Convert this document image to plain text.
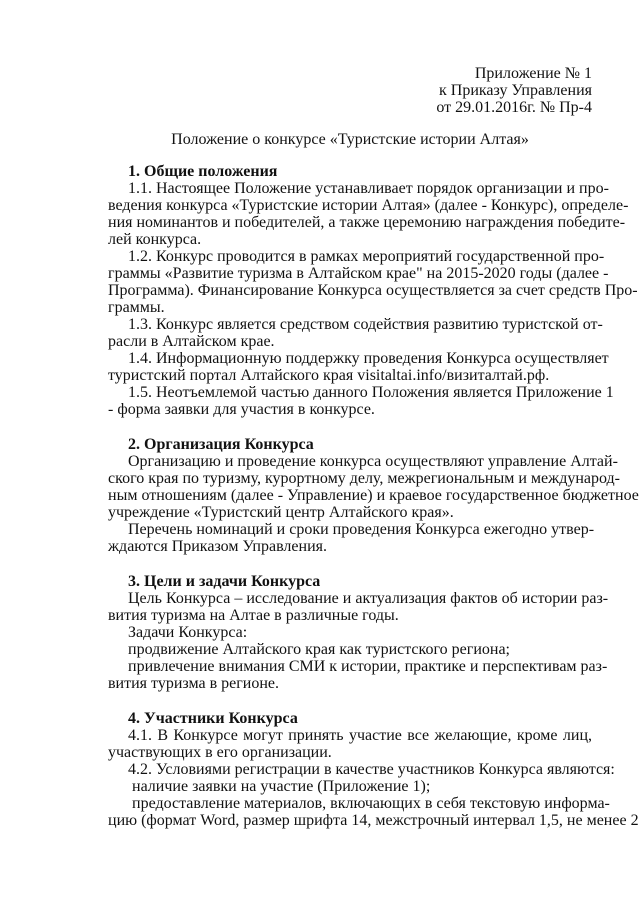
Приложение № 1
к Приказу Управления
от 29.01.2016г. № Пр-4
Положение о конкурсе «Туристские истории Алтая»
1. Общие положения
1.1. Настоящее Положение устанавливает порядок организации и про-
ведения конкурса «Туристские истории Алтая» (далее - Конкурс), определе-
ния номинантов и победителей, а также церемонию награждения победите-
лей конкурса.
1.2. Конкурс проводится в рамках мероприятий государственной про-
граммы «Развитие туризма в Алтайском крае" на 2015-2020 годы (далее -
Программа). Финансирование Конкурса осуществляется за счет средств Про-
граммы.
1.3. Конкурс является средством содействия развитию туристской от-
расли в Алтайском крае.
1.4. Информационную поддержку проведения Конкурса осуществляет
туристский портал Алтайского края visitaltai.info/визиталтай.рф.
1.5. Неотъемлемой частью данного Положения является Приложение 1
- форма заявки для участия в конкурсе.
2. Организация Конкурса
Организацию и проведение конкурса осуществляют управление Алтай-
ского края по туризму, курортному делу, межрегиональным и международ-
ным отношениям (далее - Управление) и краевое государственное бюджетное
учреждение «Туристский центр Алтайского края».
Перечень номинаций и сроки проведения Конкурса ежегодно утвер-
ждаются Приказом Управления.
3. Цели и задачи Конкурса
Цель Конкурса – исследование и актуализация фактов об истории раз-
вития туризма на Алтае в различные годы.
Задачи Конкурса:
продвижение Алтайского края как туристского региона;
привлечение внимания СМИ к истории, практике и перспективам раз-
вития туризма в регионе.
4. Участники Конкурса
4.1. В Конкурсе могут принять участие все желающие, кроме лиц,
участвующих в его организации.
4.2. Условиями регистрации в качестве участников Конкурса являются:
наличие заявки на участие (Приложение 1);
предоставление материалов, включающих в себя текстовую информа-
цию (формат Word, размер шрифта 14, межстрочный интервал 1,5, не менее 2
